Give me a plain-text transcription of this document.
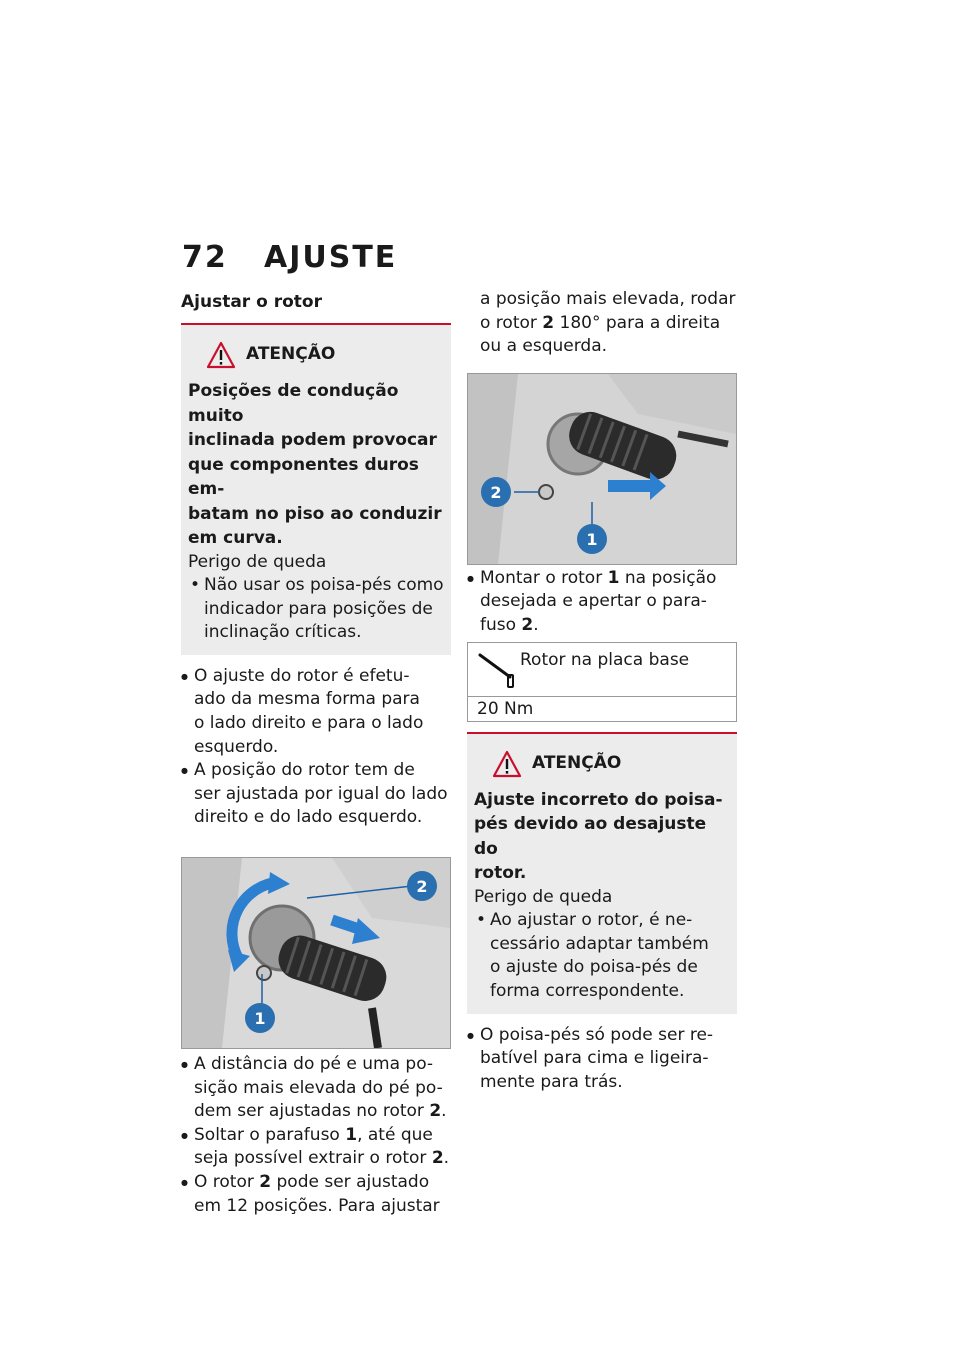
72 AJUSTE
Ajustar o rotor
ATENÇÃO
Posições de condução muito
inclinada podem provocar
que componentes duros em-
batam no piso ao conduzir
em curva.
Perigo de queda
• Não usar os poisa-pés como
indicador para posições de
inclinação críticas.
● O ajuste do rotor é efetu-
ado da mesma forma para
o lado direito e para o lado
esquerdo.
● A posição do rotor tem de
ser ajustada por igual do lado
direito e do lado esquerdo.
2
1
● A distância do pé e uma po-
sição mais elevada do pé po-
dem ser ajustadas no rotor 2.
● Soltar o parafuso 1, até que
seja possível extrair o rotor 2.
● O rotor 2 pode ser ajustado
em 12 posições. Para ajustar
a posição mais elevada, rodar
o rotor 2 180° para a direita
ou a esquerda.
2
1
● Montar o rotor 1 na posição
desejada e apertar o para-
fuso 2.
Rotor na placa base
20 Nm
ATENÇÃO
Ajuste incorreto do poisa-
pés devido ao desajuste do
rotor.
Perigo de queda
• Ao ajustar o rotor, é ne-
cessário adaptar também
o ajuste do poisa-pés de
forma correspondente.
● O poisa-pés só pode ser re-
batível para cima e ligeira-
mente para trás.
